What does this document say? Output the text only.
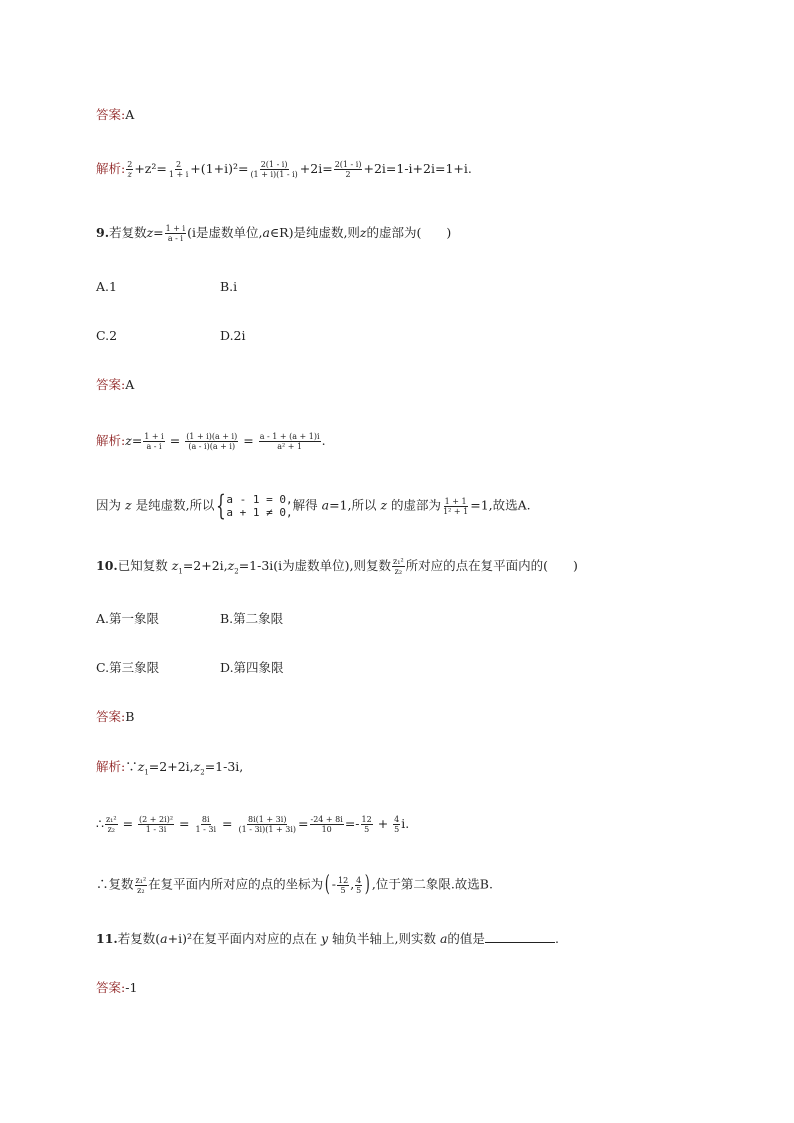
答案:A
解析: $\frac{2}{z} +z^2= \frac{2}{1 + i} +(1+i)^2= \frac{2(1 - i)}{(1 + i)(1 - i)} +2i= \frac{2(1 - i)}{2} +2i=1-i+2i=1+i$.
9.若复数$z= \frac{1 + i}{a - i} (i$是虚数单位,a∈R)是纯虚数,则z的虚部为(　　)
A.1	B.i
C.2	D.2i
答案:A
解析:z= $\frac{1 + i}{a - i} = \frac{(1 + i)(a + i)}{(a - i)(a + i)} = \frac{a - 1 + (a + 1)i}{\text{a² + 1}}$ .
因为 z 是纯虚数,所以{ a - 1 = 0,
a + 1 ≠ 0, 解得 a=1,所以 z 的虚部为 $\frac{1 + 1}{\text{1² + 1}} =1$,故选A.
10.已知复数 $z_1=2+2i,z_2=1-3i(i$为虚数单位),则复数 $\frac{\text{z₁²}}{\text{z₂}}$ 所对应的点在复平面内的(　　)
A.第一象限	B.第二象限
C.第三象限	D.第四象限
答案:B
解析$:\because z_1=2+2i,z_2=1-3i$,
∴ $\frac{\text{z₁²}}{\text{z₂}} = \frac{\text{(2 + 2i)²}}{1 - 3i} = \frac{8i}{1 - 3i} = \frac{8i(1 + 3i)}{(1 - 3i)(1 + 3i)} = \frac{-24 + 8i}{10} =- \frac{12}{5} + \frac{4}{5} i$.
∴复数 $\frac{\text{z₁²}}{\text{z₂}}$ 在复平面内所对应的点的坐标为( - $\frac{12}{5}$ , $\frac{4}{5}$ ) ,位于第二象限.故选B.
11.若复数(a+i)²在复平面内对应的点在 y 轴负半轴上,则实数 a的值是	.
答案:-1
